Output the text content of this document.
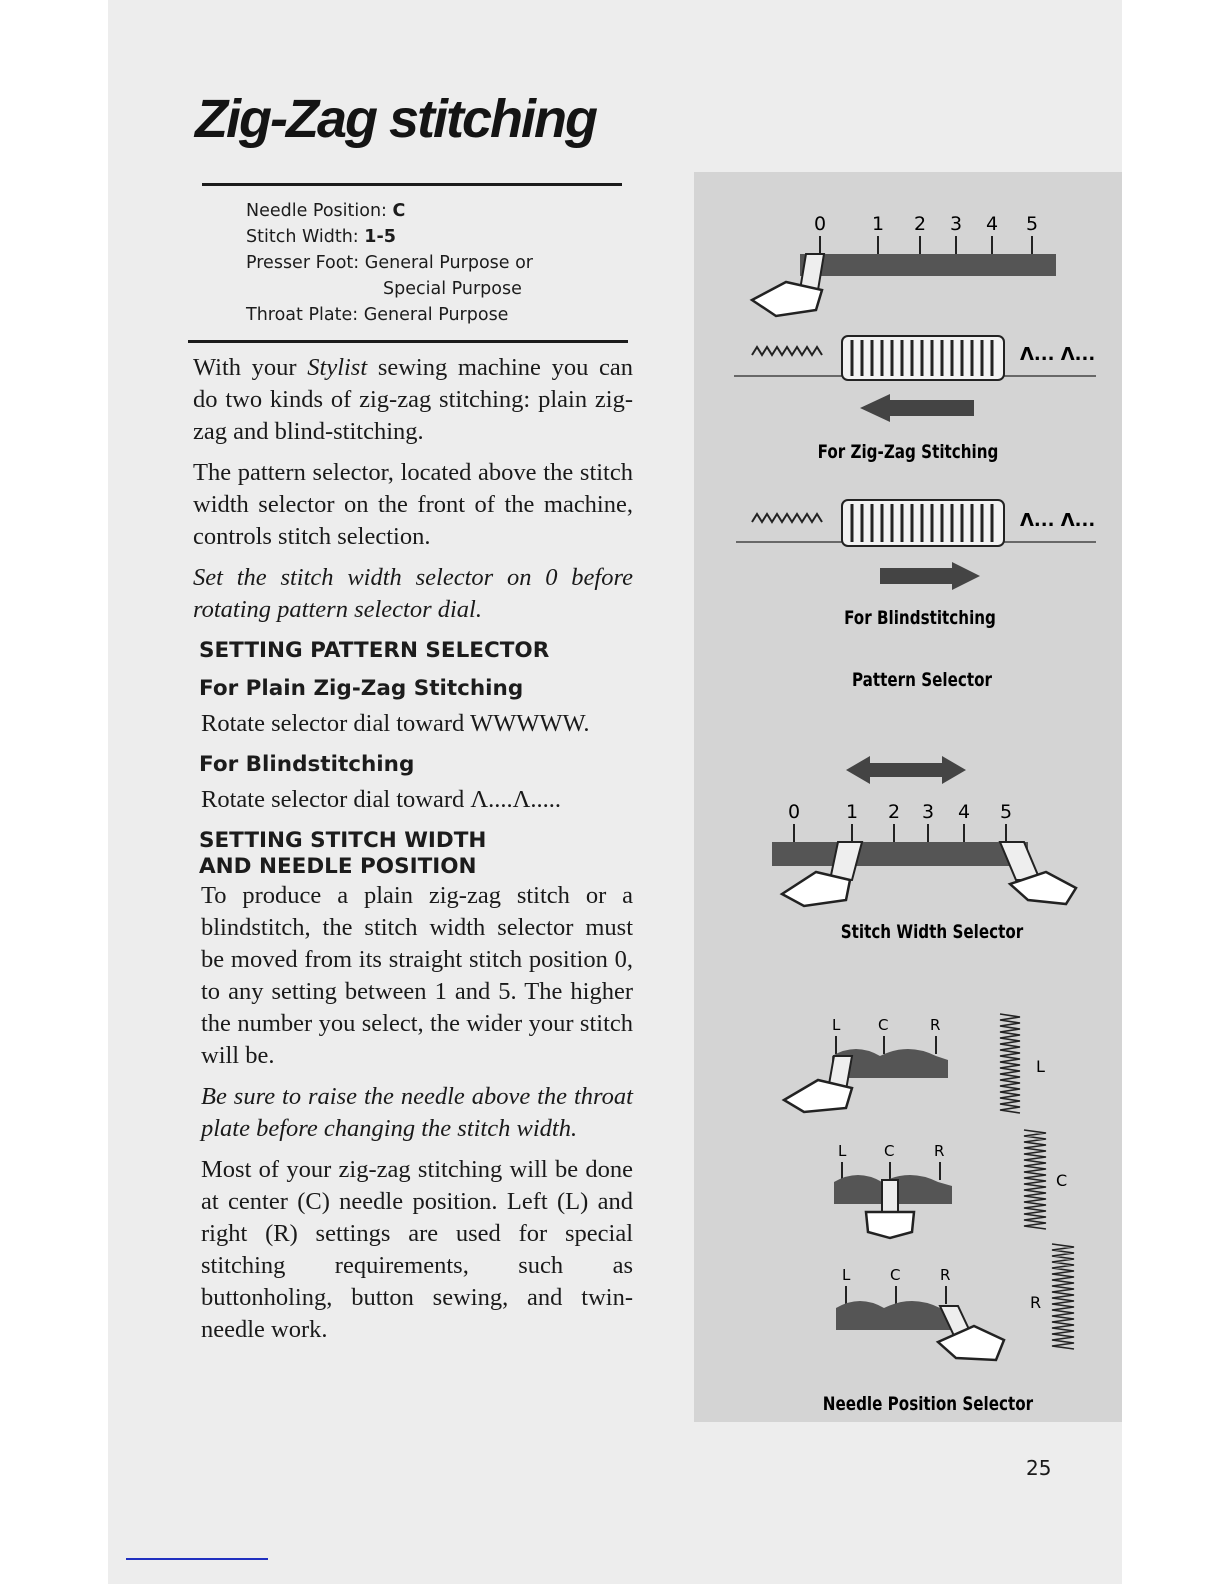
Zig-Zag stitching
Needle Position: C
Stitch Width: 1-5
Presser Foot: General Purpose or
Special Purpose
Throat Plate: General Purpose

With your Stylist sewing machine you can do two kinds of zig-zag stitching: plain zig-zag and blind-stitching.

The pattern selector, located above the stitch width selector on the front of the machine, controls stitch selection.

Set the stitch width selector on 0 before rotating pattern selector dial.

SETTING PATTERN SELECTOR
For Plain Zig-Zag Stitching

Rotate selector dial toward WWWWW.

For Blindstitching

Rotate selector dial toward Λ....Λ.....

SETTING STITCH WIDTH
AND NEEDLE POSITION

To produce a plain zig-zag stitch or a blindstitch, the stitch width selector must be moved from its straight stitch position 0, to any setting between 1 and 5. The higher the number you select, the wider your stitch will be.

Be sure to raise the needle above the throat plate before changing the stitch width.

Most of your zig-zag stitching will be done at center (C) needle position. Left (L) and right (R) settings are used for special stitching requirements, such as buttonholing, button sewing, and twin-needle work.

0 1 2 3 4 5
Λ... Λ...
For Zig-Zag Stitching
Λ... Λ...
For Blindstitching
Pattern Selector
0 1 2 3 4 5
Stitch Width Selector
L	C	R
L	C	R
L	C	R
L
C
R
Needle Position Selector
25
